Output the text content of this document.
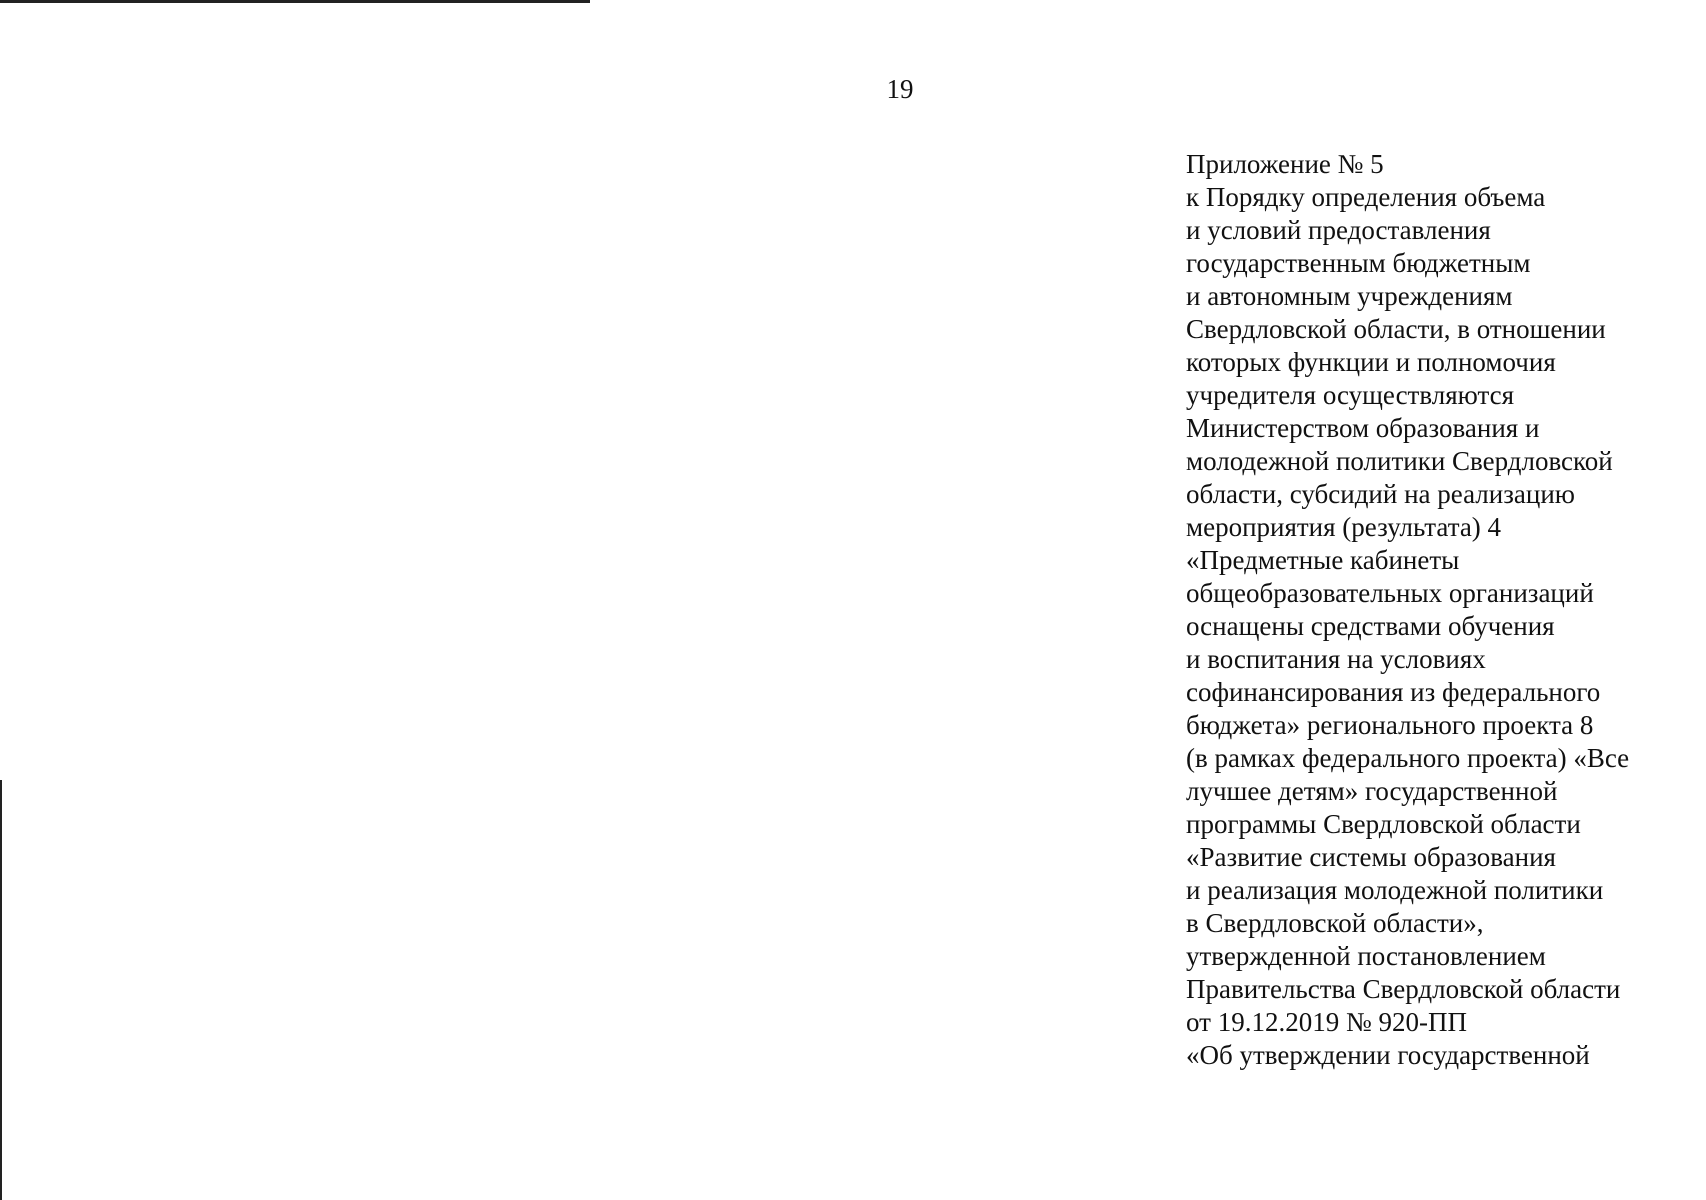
19
Приложение № 5
к Порядку определения объема
и условий предоставления
государственным бюджетным
и автономным учреждениям
Свердловской области, в отношении
которых функции и полномочия
учредителя осуществляются
Министерством образования и
молодежной политики Свердловской
области, субсидий на реализацию
мероприятия (результата) 4
«Предметные кабинеты
общеобразовательных организаций
оснащены средствами обучения
и воспитания на условиях
софинансирования из федерального
бюджета» регионального проекта 8
(в рамках федерального проекта) «Все
лучшее детям» государственной
программы Свердловской области
«Развитие системы образования
и реализация молодежной политики
в Свердловской области»,
утвержденной постановлением
Правительства Свердловской области
от 19.12.2019 № 920-ПП
«Об утверждении государственной
